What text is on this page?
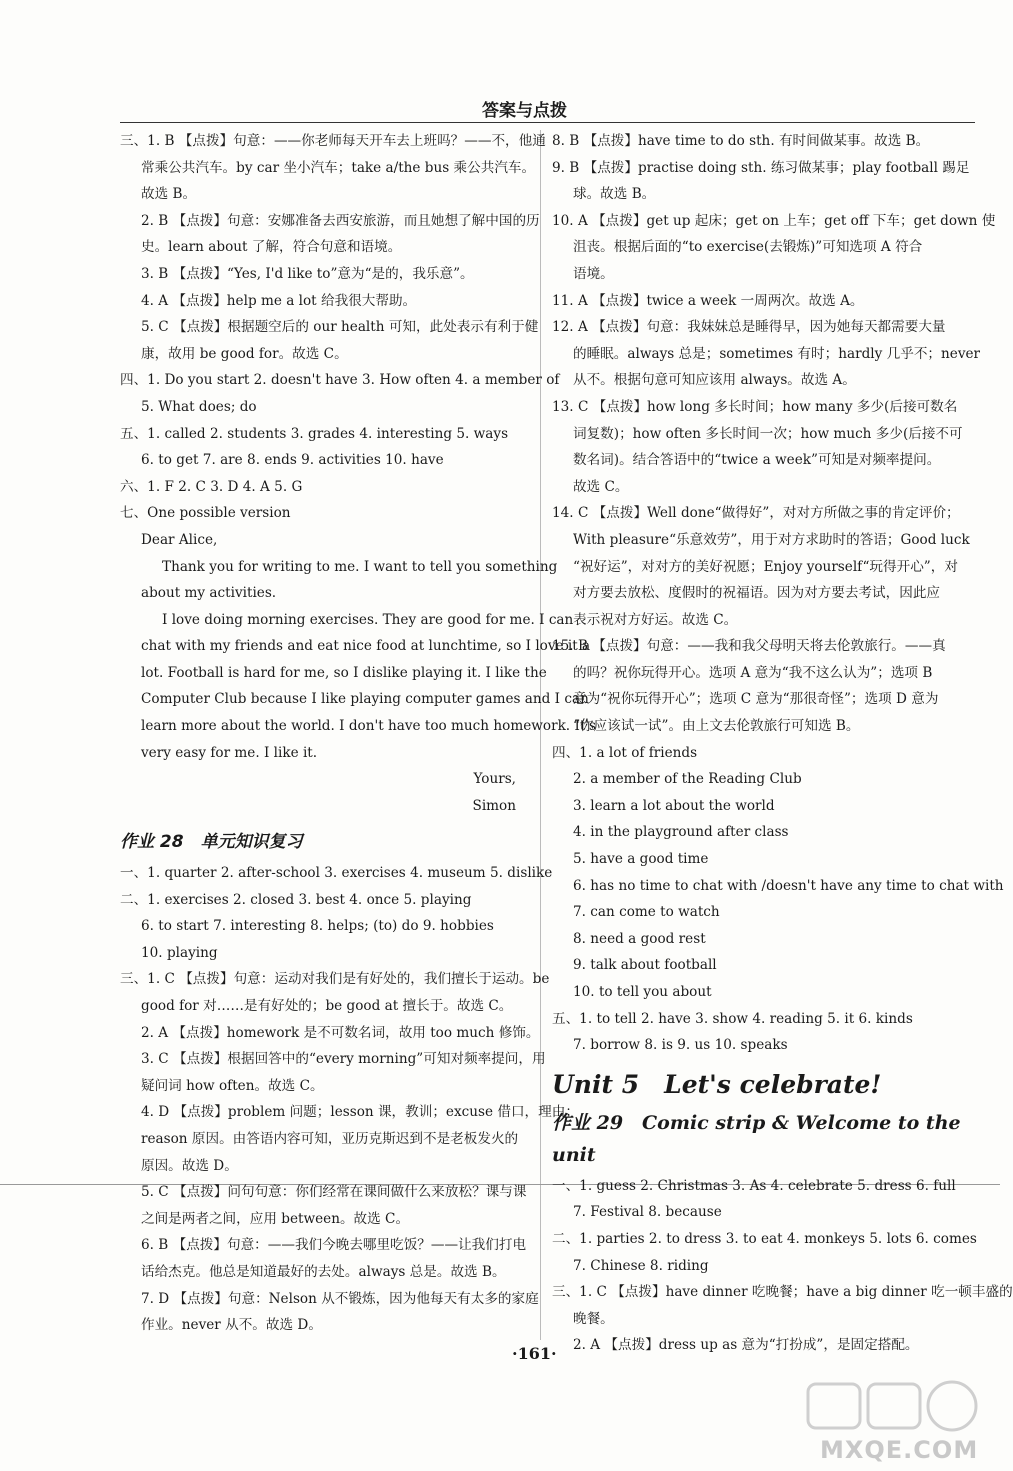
答案与点拨
三、1. B 【点拨】句意：——你老师每天开车去上班吗？——不，他通
常乘公共汽车。by car 坐小汽车；take a/the bus 乘公共汽车。
故选 B。
2. B 【点拨】句意：安娜准备去西安旅游，而且她想了解中国的历
史。learn about 了解，符合句意和语境。
3. B 【点拨】“Yes, I'd like to”意为“是的，我乐意”。
4. A 【点拨】help me a lot 给我很大帮助。
5. C 【点拨】根据题空后的 our health 可知，此处表示有利于健
康，故用 be good for。故选 C。
四、1. Do you start 2. doesn't have 3. How often 4. a member of
5. What does; do
五、1. called 2. students 3. grades 4. interesting 5. ways
6. to get 7. are 8. ends 9. activities 10. have
六、1. F 2. C 3. D 4. A 5. G
七、One possible version
Dear Alice,
Thank you for writing to me. I want to tell you something
about my activities.
I love doing morning exercises. They are good for me. I can
chat with my friends and eat nice food at lunchtime, so I love it a
lot. Football is hard for me, so I dislike playing it. I like the
Computer Club because I like playing computer games and I can
learn more about the world. I don't have too much homework. It's
very easy for me. I like it.
Yours,
Simon
作业 28　单元知识复习
一、1. quarter 2. after-school 3. exercises 4. museum 5. dislike
二、1. exercises 2. closed 3. best 4. once 5. playing
6. to start 7. interesting 8. helps; (to) do 9. hobbies
10. playing
三、1. C 【点拨】句意：运动对我们是有好处的，我们擅长于运动。be
good for 对……是有好处的；be good at 擅长于。故选 C。
2. A 【点拨】homework 是不可数名词，故用 too much 修饰。
3. C 【点拨】根据回答中的“every morning”可知对频率提问，用
疑问词 how often。故选 C。
4. D 【点拨】problem 问题；lesson 课，教训；excuse 借口，理由；
reason 原因。由答语内容可知，亚历克斯迟到不是老板发火的
原因。故选 D。
5. C 【点拨】问句句意：你们经常在课间做什么来放松？课与课
之间是两者之间，应用 between。故选 C。
6. B 【点拨】句意：——我们今晚去哪里吃饭？——让我们打电
话给杰克。他总是知道最好的去处。always 总是。故选 B。
7. D 【点拨】句意：Nelson 从不锻炼，因为他每天有太多的家庭
作业。never 从不。故选 D。
8. B 【点拨】have time to do sth. 有时间做某事。故选 B。
9. B 【点拨】practise doing sth. 练习做某事；play football 踢足
球。故选 B。
10. A 【点拨】get up 起床；get on 上车；get off 下车；get down 使
沮丧。根据后面的“to exercise(去锻炼)”可知选项 A 符合
语境。
11. A 【点拨】twice a week 一周两次。故选 A。
12. A 【点拨】句意：我妹妹总是睡得早，因为她每天都需要大量
的睡眠。always 总是；sometimes 有时；hardly 几乎不；never
从不。根据句意可知应该用 always。故选 A。
13. C 【点拨】how long 多长时间；how many 多少(后接可数名
词复数)；how often 多长时间一次；how much 多少(后接不可
数名词)。结合答语中的“twice a week”可知是对频率提问。
故选 C。
14. C 【点拨】Well done“做得好”，对对方所做之事的肯定评价；
With pleasure“乐意效劳”，用于对方求助时的答语；Good luck
“祝好运”，对对方的美好祝愿；Enjoy yourself“玩得开心”，对
对方要去放松、度假时的祝福语。因为对方要去考试，因此应
表示祝对方好运。故选 C。
15. B 【点拨】句意：——我和我父母明天将去伦敦旅行。——真
的吗？祝你玩得开心。选项 A 意为“我不这么认为”；选项 B
意为“祝你玩得开心”；选项 C 意为“那很奇怪”；选项 D 意为
“你应该试一试”。由上文去伦敦旅行可知选 B。
四、1. a lot of friends
2. a member of the Reading Club
3. learn a lot about the world
4. in the playground after class
5. have a good time
6. has no time to chat with /doesn't have any time to chat with
7. can come to watch
8. need a good rest
9. talk about football
10. to tell you about
五、1. to tell 2. have 3. show 4. reading 5. it 6. kinds
7. borrow 8. is 9. us 10. speaks
Unit 5　Let's celebrate!
作业 29　Comic strip & Welcome to the unit
一、1. guess 2. Christmas 3. As 4. celebrate 5. dress 6. full
7. Festival 8. because
二、1. parties 2. to dress 3. to eat 4. monkeys 5. lots 6. comes
7. Chinese 8. riding
三、1. C 【点拨】have dinner 吃晚餐；have a big dinner 吃一顿丰盛的
晚餐。
2. A 【点拨】dress up as 意为“打扮成”，是固定搭配。
·161·
MXQE.COM
